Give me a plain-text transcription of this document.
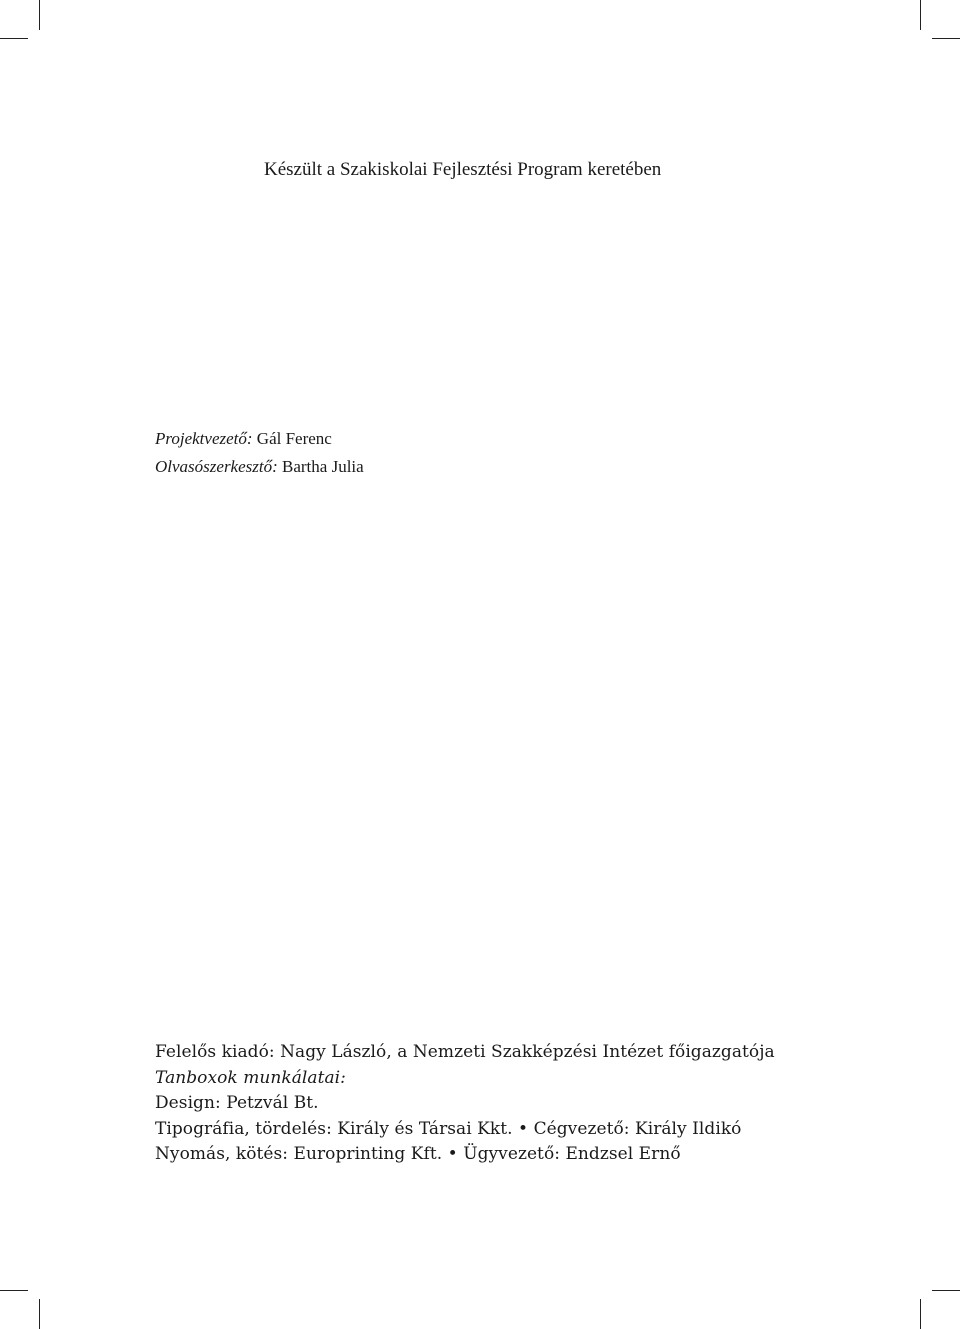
Készült a Szakiskolai Fejlesztési Program keretében
Projektvezető: Gál Ferenc
Olvasószerkesztő: Bartha Julia
Felelős kiadó: Nagy László, a Nemzeti Szakképzési Intézet főigazgatója
Tanboxok munkálatai:
Design: Petzvál Bt.
Tipográfia, tördelés: Király és Társai Kkt. • Cégvezető: Király Ildikó
Nyomás, kötés: Europrinting Kft. • Ügyvezető: Endzsel Ernő
